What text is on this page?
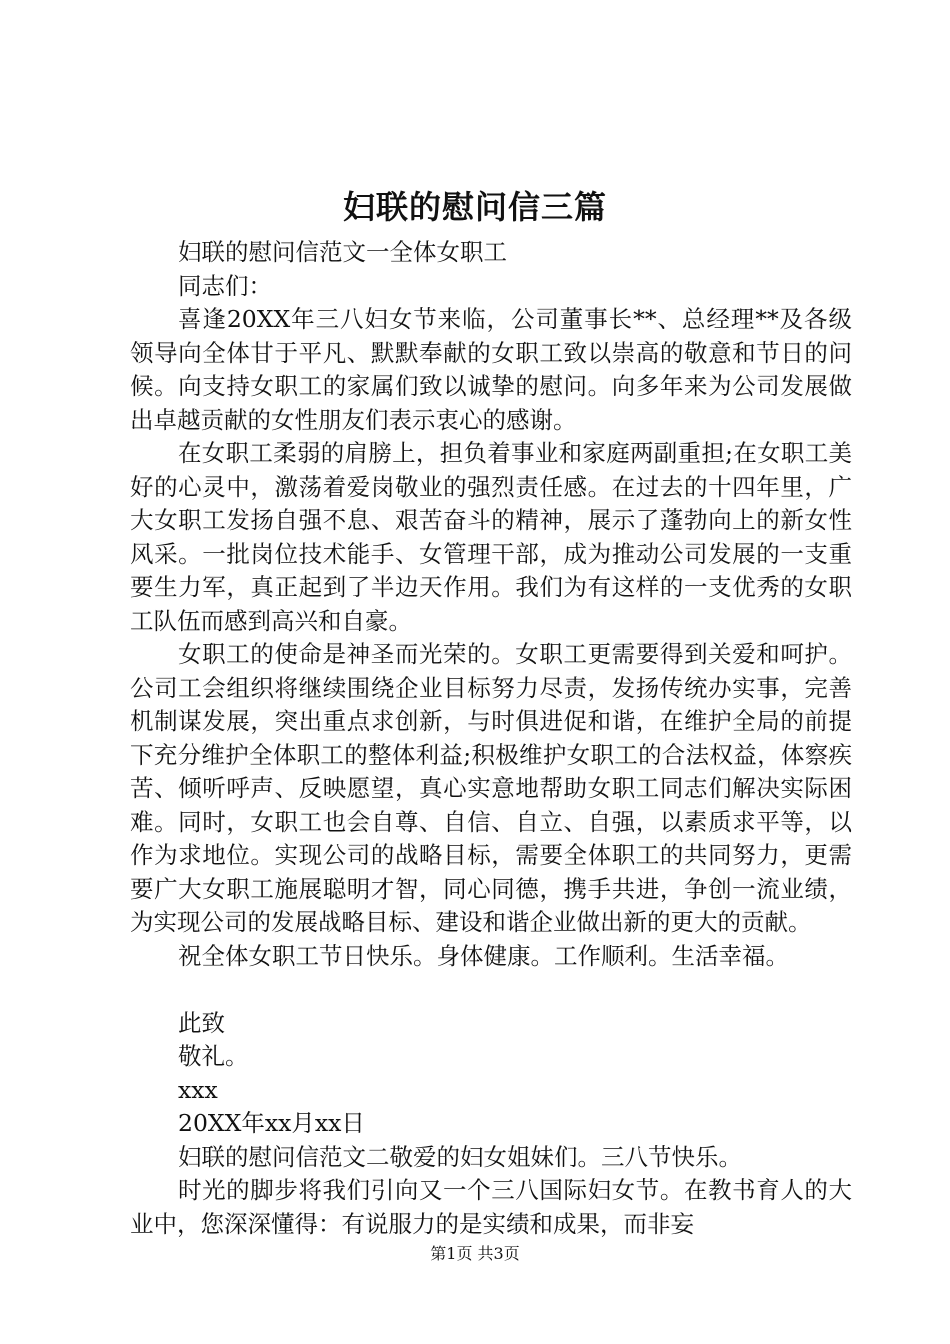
妇联的慰问信三篇

妇联的慰问信范文一全体女职工

同志们：

喜逢20XX年三八妇女节来临，公司董事长**、总经理**及各级领导向全体甘于平凡、默默奉献的女职工致以崇高的敬意和节日的问候。向支持女职工的家属们致以诚挚的慰问。向多年来为公司发展做出卓越贡献的女性朋友们表示衷心的感谢。

在女职工柔弱的肩膀上，担负着事业和家庭两副重担;在女职工美好的心灵中，激荡着爱岗敬业的强烈责任感。在过去的十四年里，广大女职工发扬自强不息、艰苦奋斗的精神，展示了蓬勃向上的新女性风采。一批岗位技术能手、女管理干部，成为推动公司发展的一支重要生力军，真正起到了半边天作用。我们为有这样的一支优秀的女职工队伍而感到高兴和自豪。

女职工的使命是神圣而光荣的。女职工更需要得到关爱和呵护。公司工会组织将继续围绕企业目标努力尽责，发扬传统办实事，完善机制谋发展，突出重点求创新，与时俱进促和谐，在维护全局的前提下充分维护全体职工的整体利益;积极维护女职工的合法权益，体察疾苦、倾听呼声、反映愿望，真心实意地帮助女职工同志们解决实际困难。同时，女职工也会自尊、自信、自立、自强，以素质求平等，以作为求地位。实现公司的战略目标，需要全体职工的共同努力，更需要广大女职工施展聪明才智，同心同德，携手共进，争创一流业绩，为实现公司的发展战略目标、建设和谐企业做出新的更大的贡献。

祝全体女职工节日快乐。身体健康。工作顺利。生活幸福。

此致

敬礼。

xxx

20XX年xx月xx日

妇联的慰问信范文二敬爱的妇女姐妹们。三八节快乐。

时光的脚步将我们引向又一个三八国际妇女节。在教书育人的大业中，您深深懂得：有说服力的是实绩和成果，而非妄

第1页 共3页
